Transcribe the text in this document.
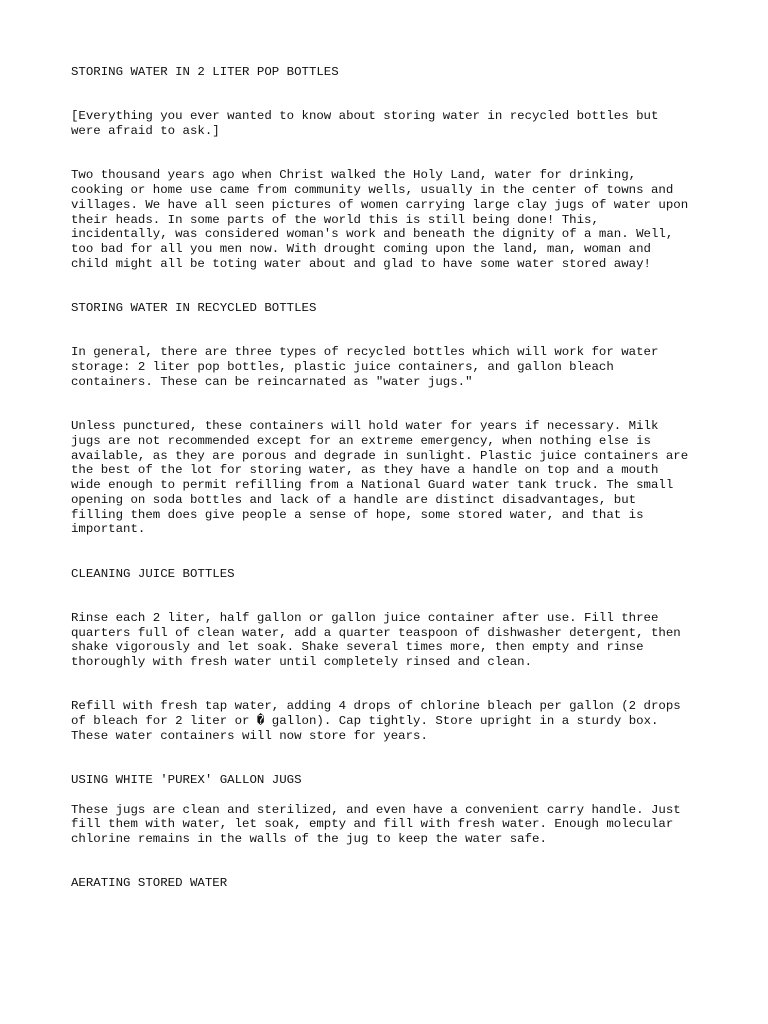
STORING WATER IN 2 LITER POP BOTTLES
[Everything you ever wanted to know about storing water in recycled bottles but
were afraid to ask.]
Two thousand years ago when Christ walked the Holy Land, water for drinking,
cooking or home use came from community wells, usually in the center of towns and
villages. We have all seen pictures of women carrying large clay jugs of water upon
their heads. In some parts of the world this is still being done! This,
incidentally, was considered woman's work and beneath the dignity of a man. Well,
too bad for all you men now. With drought coming upon the land, man, woman and
child might all be toting water about and glad to have some water stored away!
STORING WATER IN RECYCLED BOTTLES
In general, there are three types of recycled bottles which will work for water
storage: 2 liter pop bottles, plastic juice containers, and gallon bleach
containers. These can be reincarnated as "water jugs."
Unless punctured, these containers will hold water for years if necessary. Milk
jugs are not recommended except for an extreme emergency, when nothing else is
available, as they are porous and degrade in sunlight. Plastic juice containers are
the best of the lot for storing water, as they have a handle on top and a mouth
wide enough to permit refilling from a National Guard water tank truck. The small
opening on soda bottles and lack of a handle are distinct disadvantages, but
filling them does give people a sense of hope, some stored water, and that is
important.
CLEANING JUICE BOTTLES
Rinse each 2 liter, half gallon or gallon juice container after use. Fill three
quarters full of clean water, add a quarter teaspoon of dishwasher detergent, then
shake vigorously and let soak. Shake several times more, then empty and rinse
thoroughly with fresh water until completely rinsed and clean.
Refill with fresh tap water, adding 4 drops of chlorine bleach per gallon (2 drops
of bleach for 2 liter or � gallon). Cap tightly. Store upright in a sturdy box.
These water containers will now store for years.
USING WHITE 'PUREX' GALLON JUGS
These jugs are clean and sterilized, and even have a convenient carry handle. Just
fill them with water, let soak, empty and fill with fresh water. Enough molecular
chlorine remains in the walls of the jug to keep the water safe.
AERATING STORED WATER
